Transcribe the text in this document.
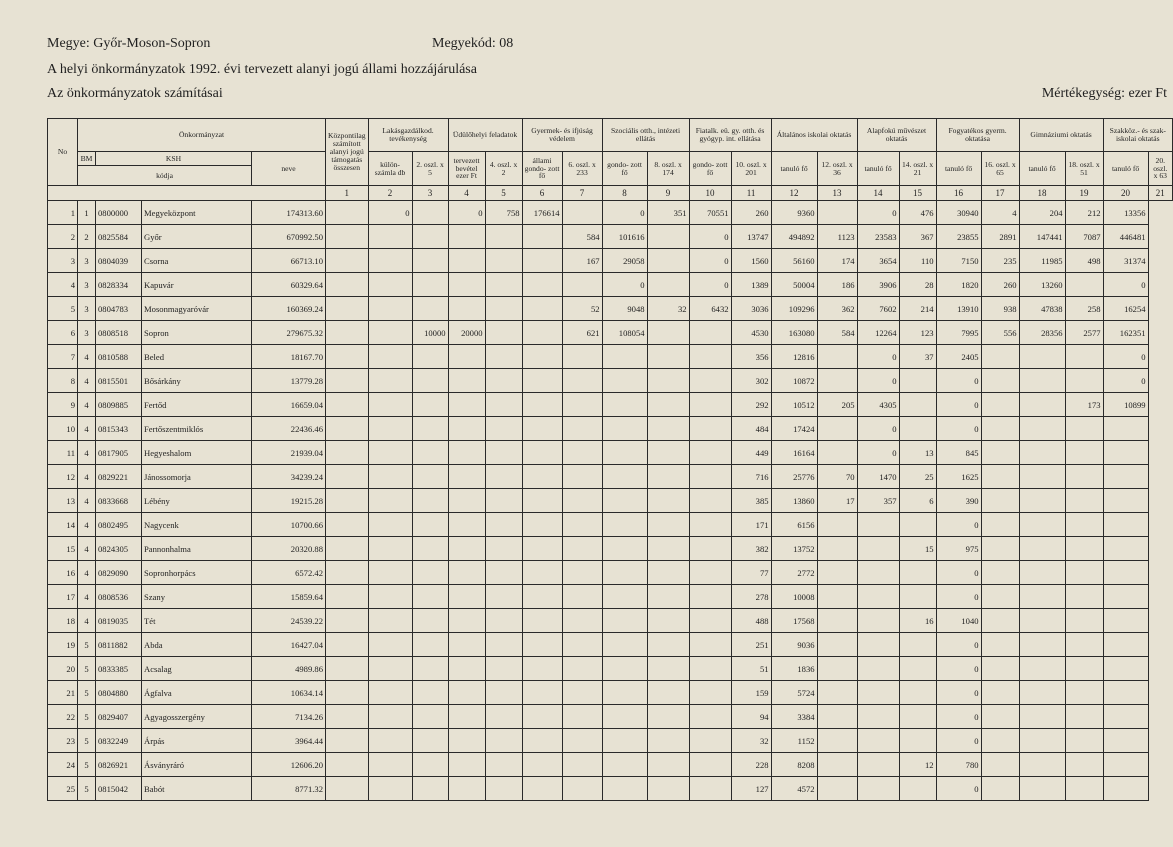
Megye: Győr-Moson-Sopron	Megyekód: 08
A helyi önkormányzatok 1992. évi tervezett alanyi jogú állami hozzájárulása
Az önkormányzatok számításai	Mértékegység: ezer Ft
No	Önkormányzat				Központilag számított alanyi jogú támogatás összesen	Lakásgazdálkod. tevékenység		Üdülőhelyi feladatok		Gyermek- és ifjúság védelem		Szociális otth., intézeti ellátás		Fiatalk. eü. gy. otth. és gyógyp. int. ellátása		Általános iskolai oktatás		Alapfokú művészet oktatás		Fogyatékos gyerm. oktatása		Gimnáziumi oktatás		Szakköz.- és szak- iskolai oktatás	
	BM	KSH		neve		külön- számla db	2. oszl. x 5	tervezett bevétel ezer Ft	4. oszl. x 2	állami gondo- zott fő	6. oszl. x 233	gondo- zott fő	8. oszl. x 174	gondo- zott fő	10. oszl. x 201	tanuló fő	12. oszl. x 36	tanuló fő	14. oszl. x 21	tanuló fő	16. oszl. x 65	tanuló fő	18. oszl. x 51	tanuló fő	20. oszl. x 63
	kódja																								
					1	2	3	4	5	6	7	8	9	10	11	12	13	14	15	16	17	18	19	20	21
1	1	0800000	Megyeközpont	174313.60		0		0	758	176614		0	351	70551	260	9360		0	476	30940	4	204	212	13356	
2	2	0825584	Győr	670992.50							584	101616		0	13747	494892	1123	23583	367	23855	2891	147441	7087	446481	
3	3	0804039	Csorna	66713.10							167	29058		0	1560	56160	174	3654	110	7150	235	11985	498	31374	
4	3	0828334	Kapuvár	60329.64								0		0	1389	50004	186	3906	28	1820	260	13260		0	
5	3	0804783	Mosonmagyaróvár	160369.24							52	9048	32	6432	3036	109296	362	7602	214	13910	938	47838	258	16254	
6	3	0808518	Sopron	279675.32			10000	20000			621	108054			4530	163080	584	12264	123	7995	556	28356	2577	162351	
7	4	0810588	Beled	18167.70											356	12816		0	37	2405				0	
8	4	0815501	Bősárkány	13779.28											302	10872		0		0				0	
9	4	0809885	Fertőd	16659.04											292	10512	205	4305		0			173	10899	
10	4	0815343	Fertőszentmiklós	22436.46											484	17424		0		0					
11	4	0817905	Hegyeshalom	21939.04											449	16164		0	13	845					
12	4	0829221	Jánossomorja	34239.24											716	25776	70	1470	25	1625					
13	4	0833668	Lébény	19215.28											385	13860	17	357	6	390					
14	4	0802495	Nagycenk	10700.66											171	6156				0					
15	4	0824305	Pannonhalma	20320.88											382	13752			15	975					
16	4	0829090	Sopronhorpács	6572.42											77	2772				0					
17	4	0808536	Szany	15859.64											278	10008				0					
18	4	0819035	Tét	24539.22											488	17568			16	1040					
19	5	0811882	Abda	16427.04											251	9036				0					
20	5	0833385	Acsalag	4989.86											51	1836				0					
21	5	0804880	Ágfalva	10634.14											159	5724				0					
22	5	0829407	Agyagosszergény	7134.26											94	3384				0					
23	5	0832249	Árpás	3964.44											32	1152				0					
24	5	0826921	Ásványráró	12606.20											228	8208			12	780					
25	5	0815042	Babót	8771.32											127	4572				0					
